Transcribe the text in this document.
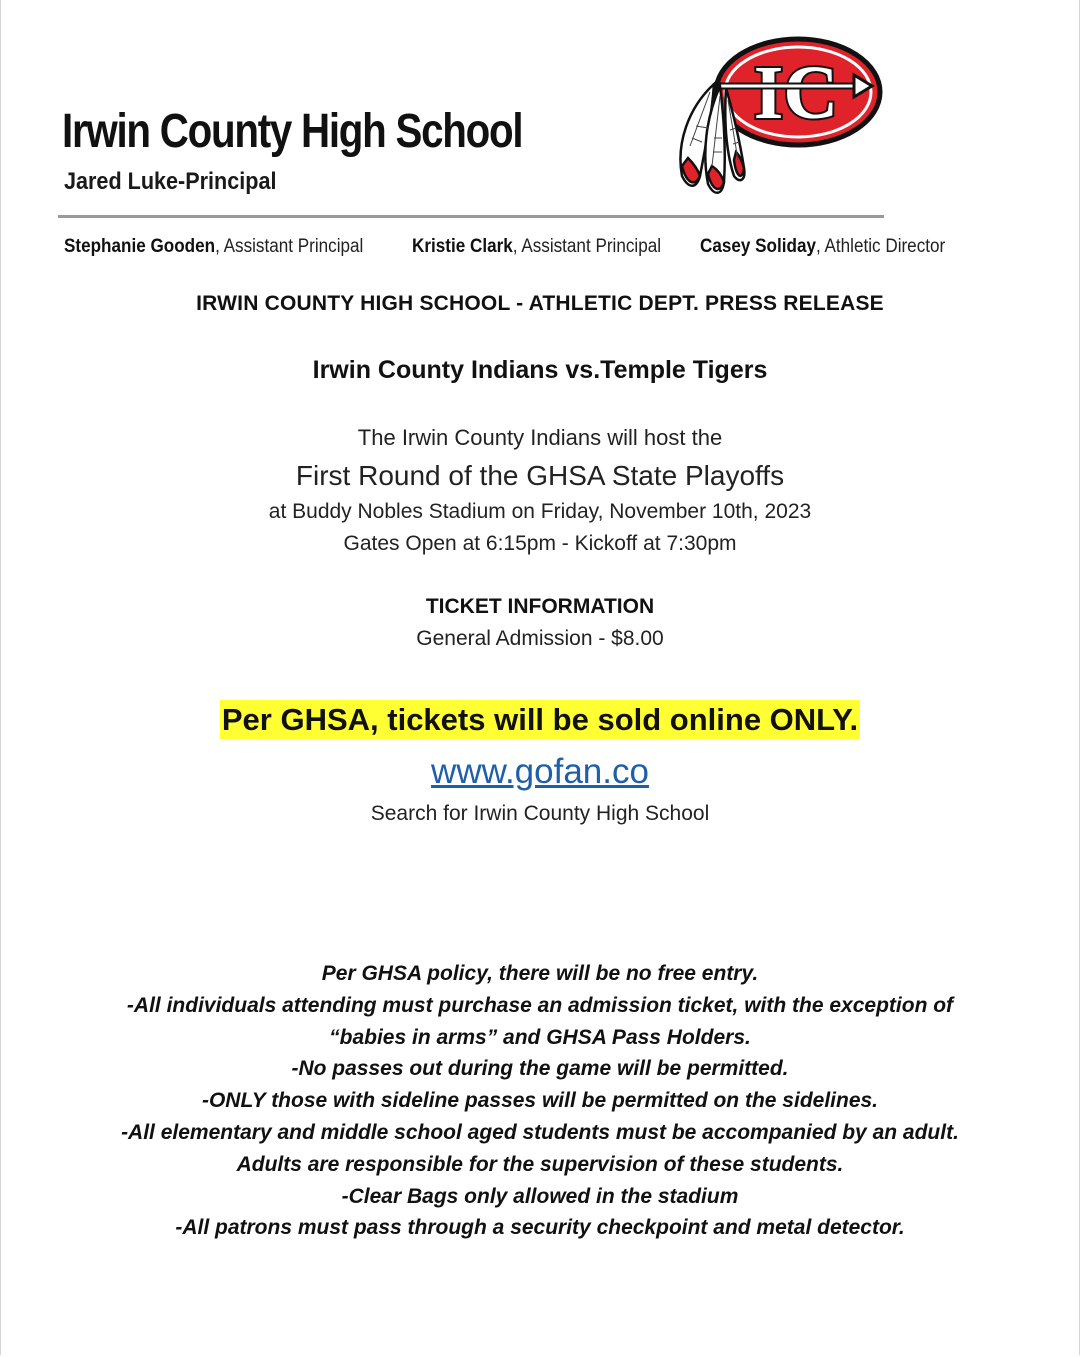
Irwin County High School
Jared Luke-Principal
IC
Stephanie Gooden, Assistant Principal	Kristie Clark, Assistant Principal Casey Soliday, Athletic Director
IRWIN COUNTY HIGH SCHOOL - ATHLETIC DEPT. PRESS RELEASE
Irwin County Indians vs.Temple Tigers
The Irwin County Indians will host the
First Round of the GHSA State Playoffs
at Buddy Nobles Stadium on Friday, November 10th, 2023
Gates Open at 6:15pm - Kickoff at 7:30pm
TICKET INFORMATION
General Admission - $8.00
Per GHSA, tickets will be sold online ONLY.
www.gofan.co
Search for Irwin County High School
Per GHSA policy, there will be no free entry.
-All individuals attending must purchase an admission ticket, with the exception of
“babies in arms” and GHSA Pass Holders.
-No passes out during the game will be permitted.
-ONLY those with sideline passes will be permitted on the sidelines.
-All elementary and middle school aged students must be accompanied by an adult.
Adults are responsible for the supervision of these students.
-Clear Bags only allowed in the stadium
-All patrons must pass through a security checkpoint and metal detector.
